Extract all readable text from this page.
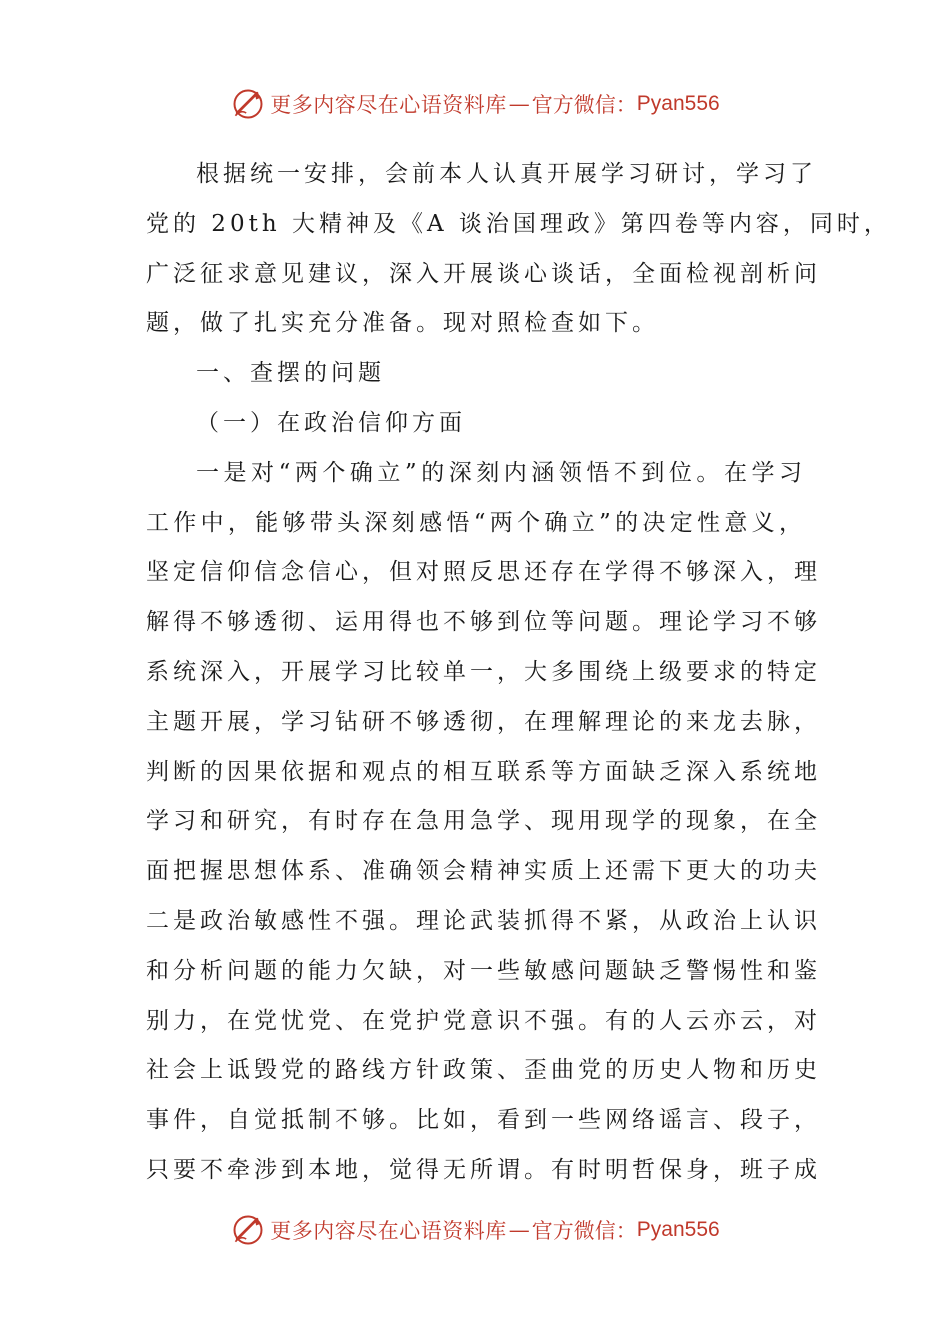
更多内容尽在心语资料库 — 官方微信： Pyan556
根据统一安排，会前本人认真开展学习研讨，学习了
党的 20th 大精神及《A 谈治国理政》第四卷等内容，同时，
广泛征求意见建议，深入开展谈心谈话，全面检视剖析问
题，做了扎实充分准备。现对照检查如下。
一、查摆的问题
（一）在政治信仰方面
一是对“两个确立”的深刻内涵领悟不到位。在学习
工作中，能够带头深刻感悟“两个确立”的决定性意义，
坚定信仰信念信心，但对照反思还存在学得不够深入，理
解得不够透彻、运用得也不够到位等问题。理论学习不够
系统深入，开展学习比较单一，大多围绕上级要求的特定
主题开展，学习钻研不够透彻，在理解理论的来龙去脉，
判断的因果依据和观点的相互联系等方面缺乏深入系统地
学习和研究，有时存在急用急学、现用现学的现象，在全
面把握思想体系、准确领会精神实质上还需下更大的功夫
二是政治敏感性不强。理论武装抓得不紧，从政治上认识
和分析问题的能力欠缺，对一些敏感问题缺乏警惕性和鉴
别力，在党忧党、在党护党意识不强。有的人云亦云，对
社会上诋毁党的路线方针政策、歪曲党的历史人物和历史
事件，自觉抵制不够。比如，看到一些网络谣言、段子，
只要不牵涉到本地，觉得无所谓。有时明哲保身，班子成
更多内容尽在心语资料库 — 官方微信： Pyan556
